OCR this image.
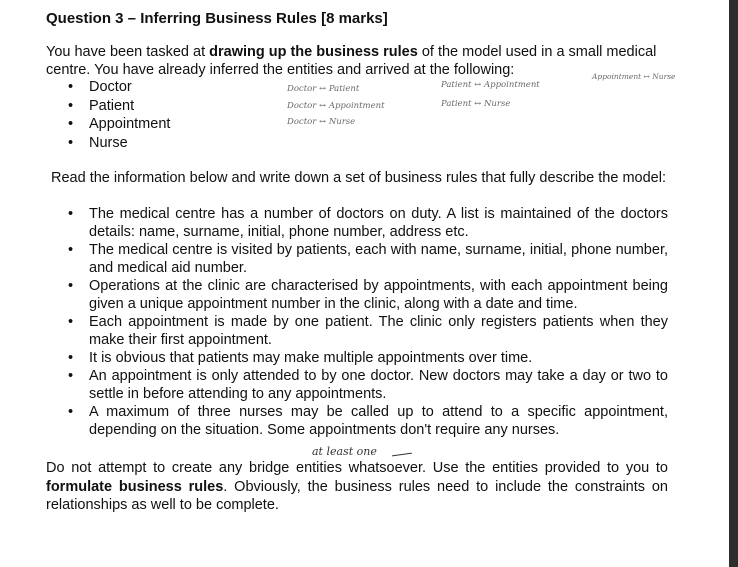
Question 3 – Inferring Business Rules [8 marks]
You have been tasked at drawing up the business rules of the model used in a small medical centre. You have already inferred the entities and arrived at the following:
• Doctor
• Patient
• Appointment
• Nurse
Doctor ↔ Patient
Doctor ↔ Appointment
Doctor ↔ Nurse
Patient ↔ Appointment
Patient ↔ Nurse
Appointment ↔ Nurse
Read the information below and write down a set of business rules that fully describe the model:
• The medical centre has a number of doctors on duty. A list is maintained of the doctors details: name, surname, initial, phone number, address etc.
• The medical centre is visited by patients, each with name, surname, initial, phone number, and medical aid number.
• Operations at the clinic are characterised by appointments, with each appointment being given a unique appointment number in the clinic, along with a date and time.
• Each appointment is made by one patient. The clinic only registers patients when they make their first appointment.
• It is obvious that patients may make multiple appointments over time.
• An appointment is only attended to by one doctor. New doctors may take a day or two to settle in before attending to any appointments.
• A maximum of three nurses may be called up to attend to a specific appointment, depending on the situation. Some appointments don't require any nurses.
at least one
Do not attempt to create any bridge entities whatsoever. Use the entities provided to you to formulate business rules. Obviously, the business rules need to include the constraints on relationships as well to be complete.
